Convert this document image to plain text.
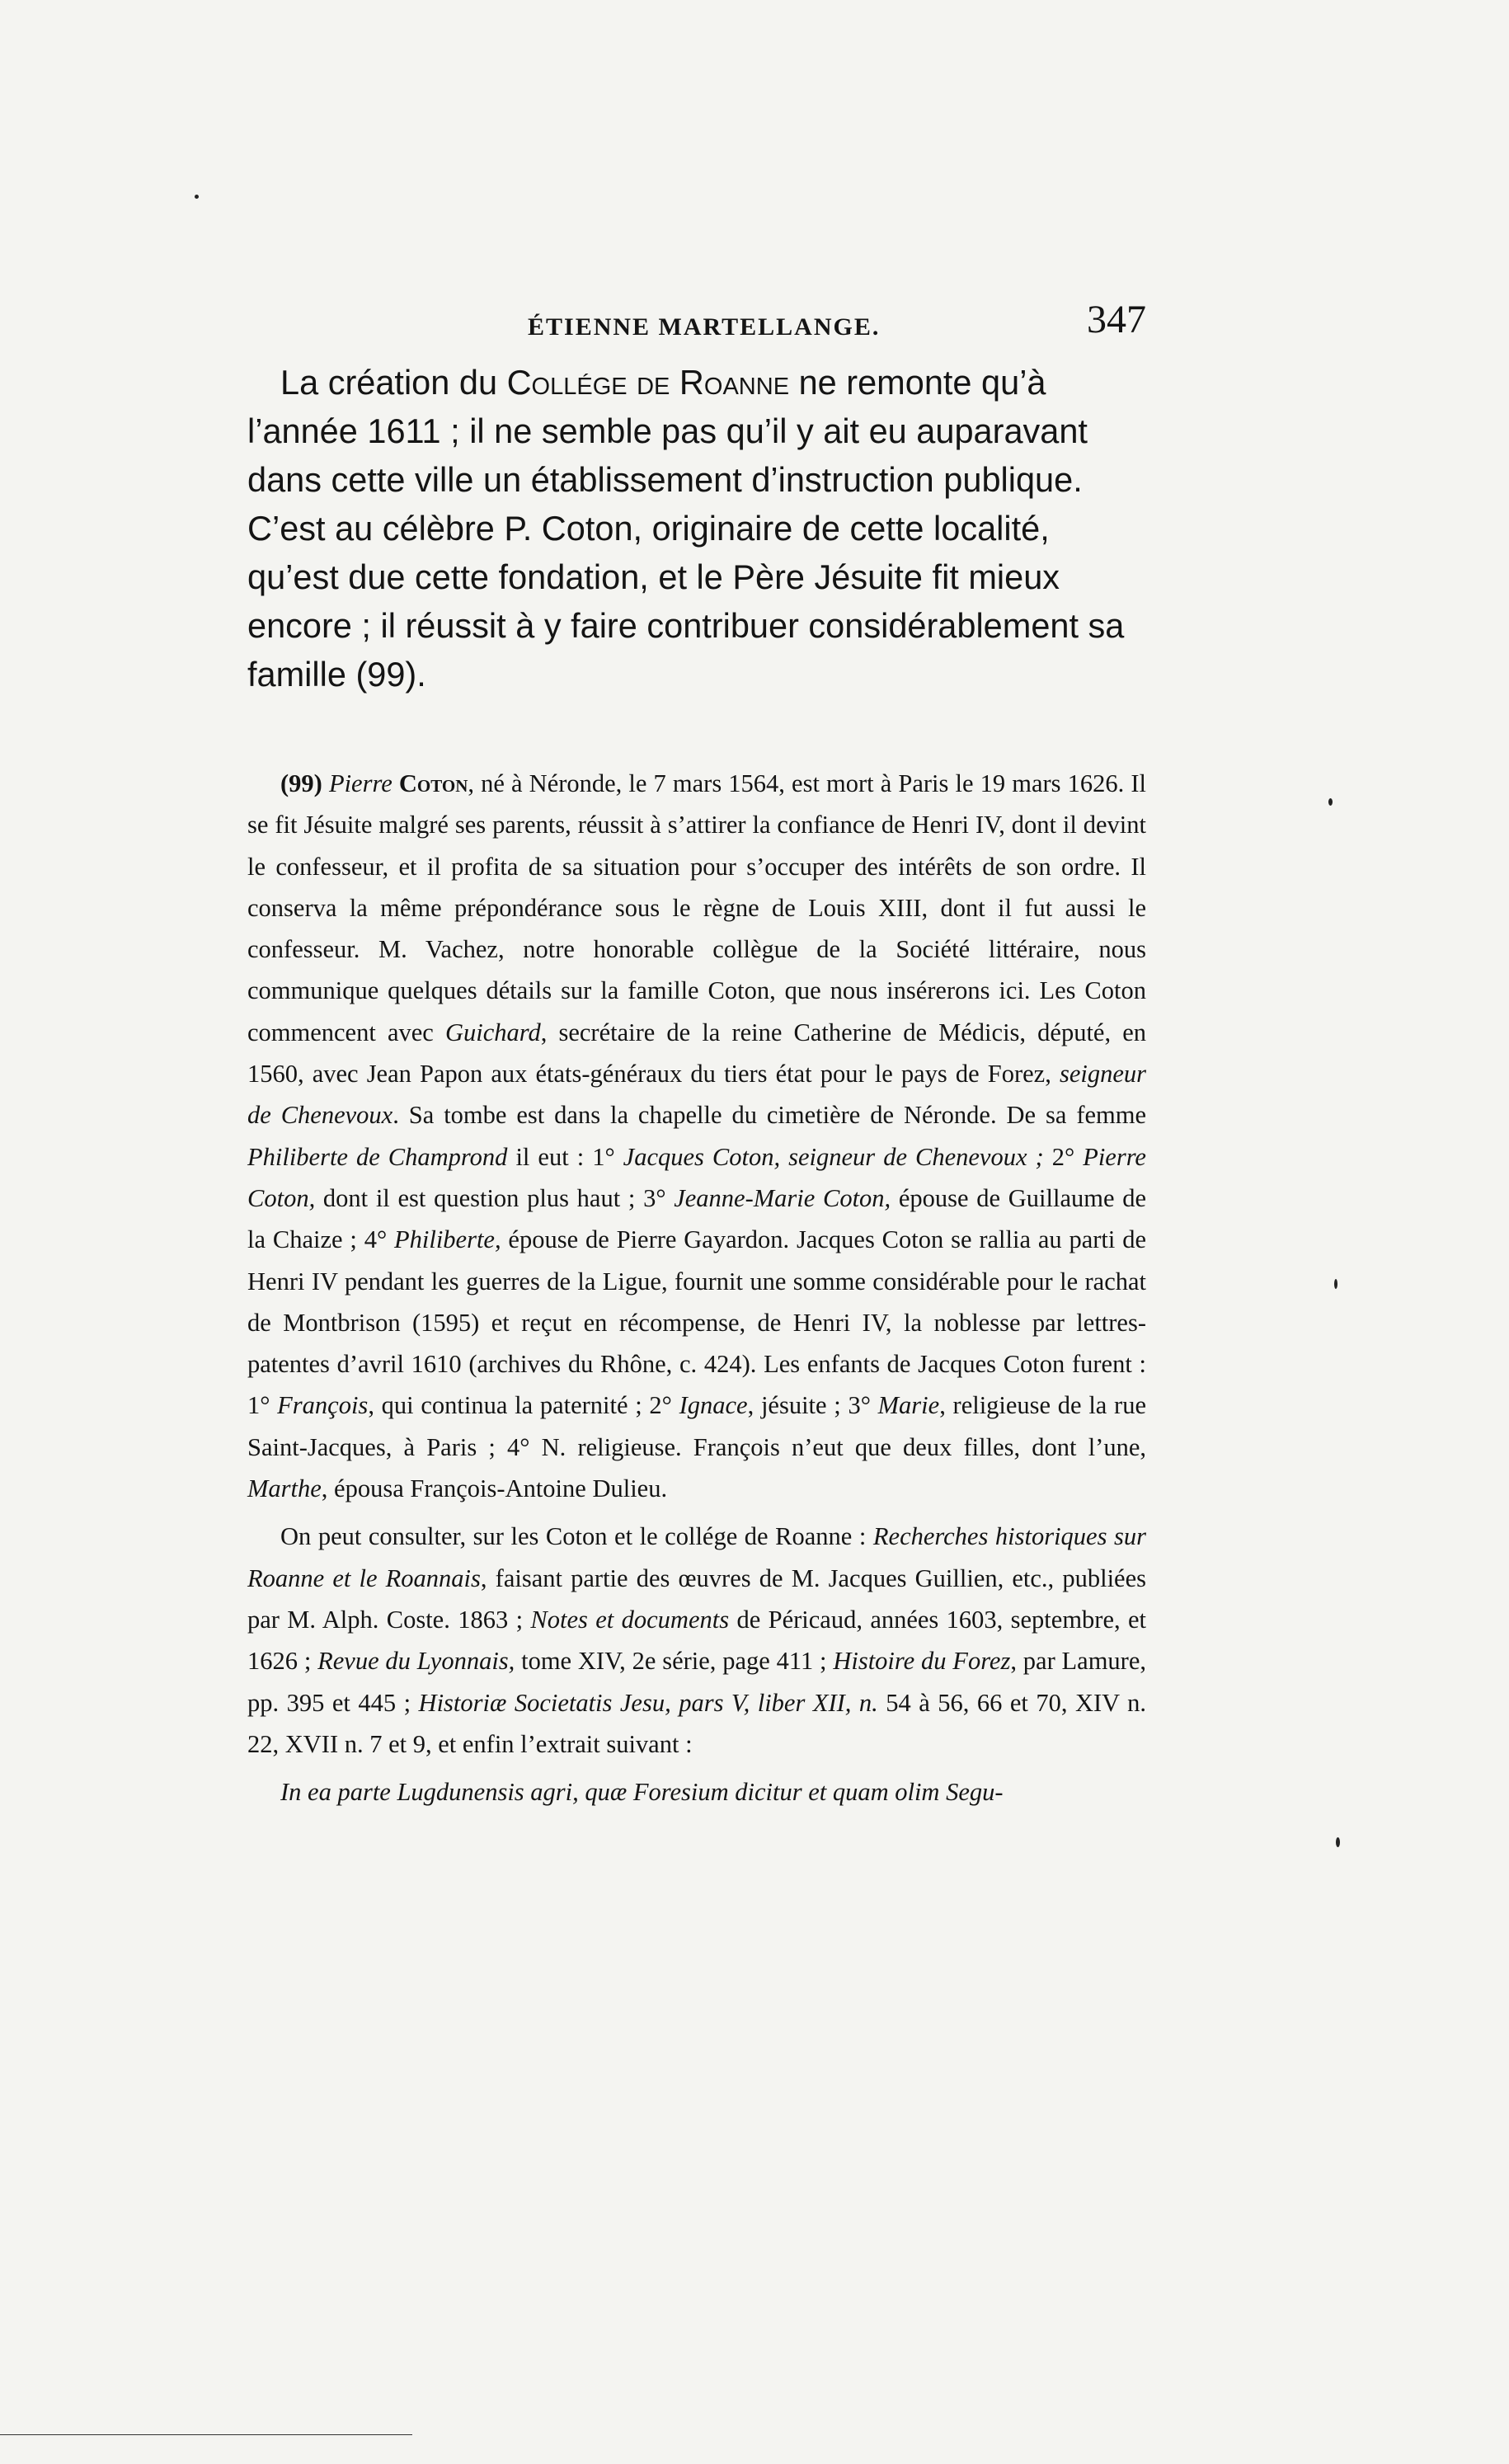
ÉTIENNE MARTELLANGE.	347

La création du Collége de Roanne ne remonte qu’à l’année 1611 ; il ne semble pas qu’il y ait eu auparavant dans cette ville un établissement d’instruction publique. C’est au célèbre P. Coton, originaire de cette localité, qu’est due cette fondation, et le Père Jésuite fit mieux encore ; il réussit à y faire contribuer considérablement sa famille (99).

(99) Pierre Coton, né à Néronde, le 7 mars 1564, est mort à Paris le 19 mars 1626. Il se fit Jésuite malgré ses parents, réussit à s’attirer la confiance de Henri IV, dont il devint le confesseur, et il profita de sa situation pour s’occuper des intérêts de son ordre. Il conserva la même prépondérance sous le règne de Louis XIII, dont il fut aussi le confesseur. M. Vachez, notre honorable collègue de la Société littéraire, nous communique quelques détails sur la famille Coton, que nous insérerons ici. Les Coton commencent avec Guichard, secrétaire de la reine Catherine de Médicis, député, en 1560, avec Jean Papon aux états-généraux du tiers état pour le pays de Forez, seigneur de Chenevoux. Sa tombe est dans la chapelle du cimetière de Néronde. De sa femme Philiberte de Champrond il eut : 1° Jacques Coton, seigneur de Chenevoux ; 2° Pierre Coton, dont il est question plus haut ; 3° Jeanne-Marie Coton, épouse de Guillaume de la Chaize ; 4° Philiberte, épouse de Pierre Gayardon. Jacques Coton se rallia au parti de Henri IV pendant les guerres de la Ligue, fournit une somme considérable pour le rachat de Montbrison (1595) et reçut en récompense, de Henri IV, la noblesse par lettres-patentes d’avril 1610 (archives du Rhône, c. 424). Les enfants de Jacques Coton furent : 1° François, qui continua la paternité ; 2° Ignace, jésuite ; 3° Marie, religieuse de la rue Saint-Jacques, à Paris ; 4° N. religieuse. François n’eut que deux filles, dont l’une, Marthe, épousa François-Antoine Dulieu.

On peut consulter, sur les Coton et le collége de Roanne : Recherches historiques sur Roanne et le Roannais, faisant partie des œuvres de M. Jacques Guillien, etc., publiées par M. Alph. Coste. 1863 ; Notes et documents de Péricaud, années 1603, septembre, et 1626 ; Revue du Lyonnais, tome XIV, 2e série, page 411 ; Histoire du Forez, par Lamure, pp. 395 et 445 ; Historiæ Societatis Jesu, pars V, liber XII, n. 54 à 56, 66 et 70, XIV n. 22, XVII n. 7 et 9, et enfin l’extrait suivant :

In ea parte Lugdunensis agri, quæ Foresium dicitur et quam olim Segu-
